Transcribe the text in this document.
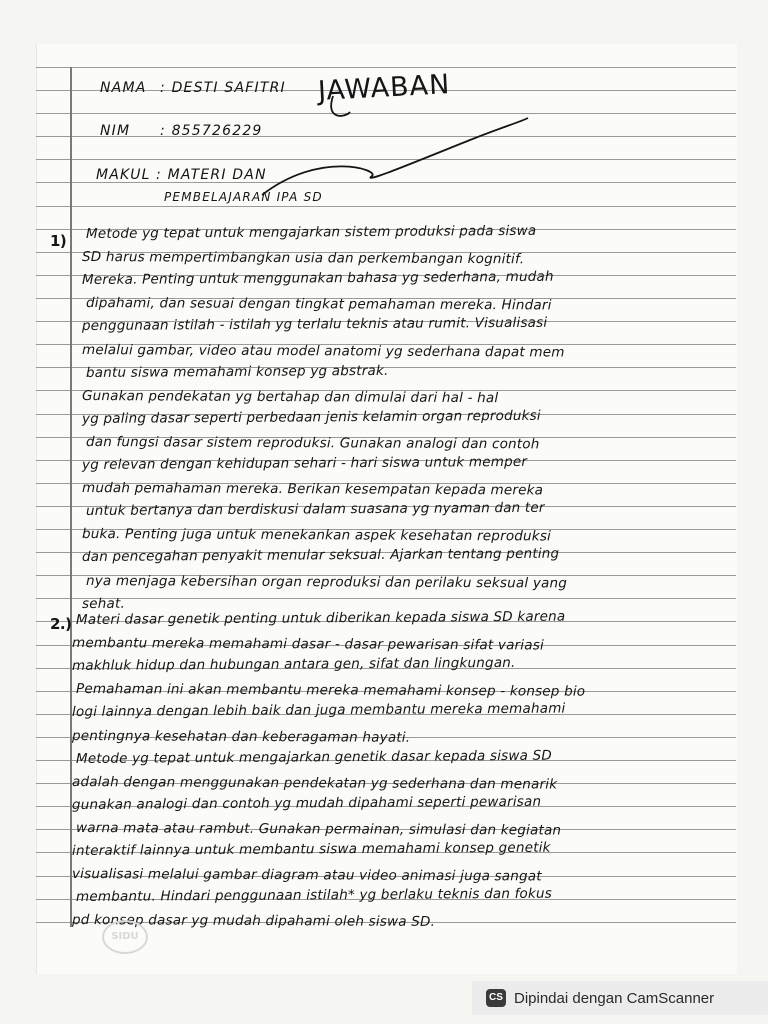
NAMA : DESTI SAFITRI JAWABAN
NIM : 855726229
MAKUL : MATERI DAN
PEMBELAJARAN IPA SD
1)
2.)
Metode yg tepat untuk mengajarkan sistem produksi pada siswa
SD harus mempertimbangkan usia dan perkembangan kognitif.
Mereka. Penting untuk menggunakan bahasa yg sederhana, mudah
dipahami, dan sesuai dengan tingkat pemahaman mereka. Hindari
penggunaan istilah - istilah yg terlalu teknis atau rumit. Visualisasi
melalui gambar, video atau model anatomi yg sederhana dapat mem
bantu siswa memahami konsep yg abstrak.
Gunakan pendekatan yg bertahap dan dimulai dari hal - hal
yg paling dasar seperti perbedaan jenis kelamin organ reproduksi
dan fungsi dasar sistem reproduksi. Gunakan analogi dan contoh
yg relevan dengan kehidupan sehari - hari siswa untuk memper
mudah pemahaman mereka. Berikan kesempatan kepada mereka
untuk bertanya dan berdiskusi dalam suasana yg nyaman dan ter
buka. Penting juga untuk menekankan aspek kesehatan reproduksi
dan pencegahan penyakit menular seksual. Ajarkan tentang penting
nya menjaga kebersihan organ reproduksi dan perilaku seksual yang
sehat.
Materi dasar genetik penting untuk diberikan kepada siswa SD karena
membantu mereka memahami dasar - dasar pewarisan sifat variasi
makhluk hidup dan hubungan antara gen, sifat dan lingkungan.
Pemahaman ini akan membantu mereka memahami konsep - konsep bio
logi lainnya dengan lebih baik dan juga membantu mereka memahami
pentingnya kesehatan dan keberagaman hayati.
Metode yg tepat untuk mengajarkan genetik dasar kepada siswa SD
adalah dengan menggunakan pendekatan yg sederhana dan menarik
gunakan analogi dan contoh yg mudah dipahami seperti pewarisan
warna mata atau rambut. Gunakan permainan, simulasi dan kegiatan
interaktif lainnya untuk membantu siswa memahami konsep genetik
visualisasi melalui gambar diagram atau video animasi juga sangat
membantu. Hindari penggunaan istilah* yg berlaku teknis dan fokus
pd konsep dasar yg mudah dipahami oleh siswa SD.
SIDU
CS Dipindai dengan CamScanner
